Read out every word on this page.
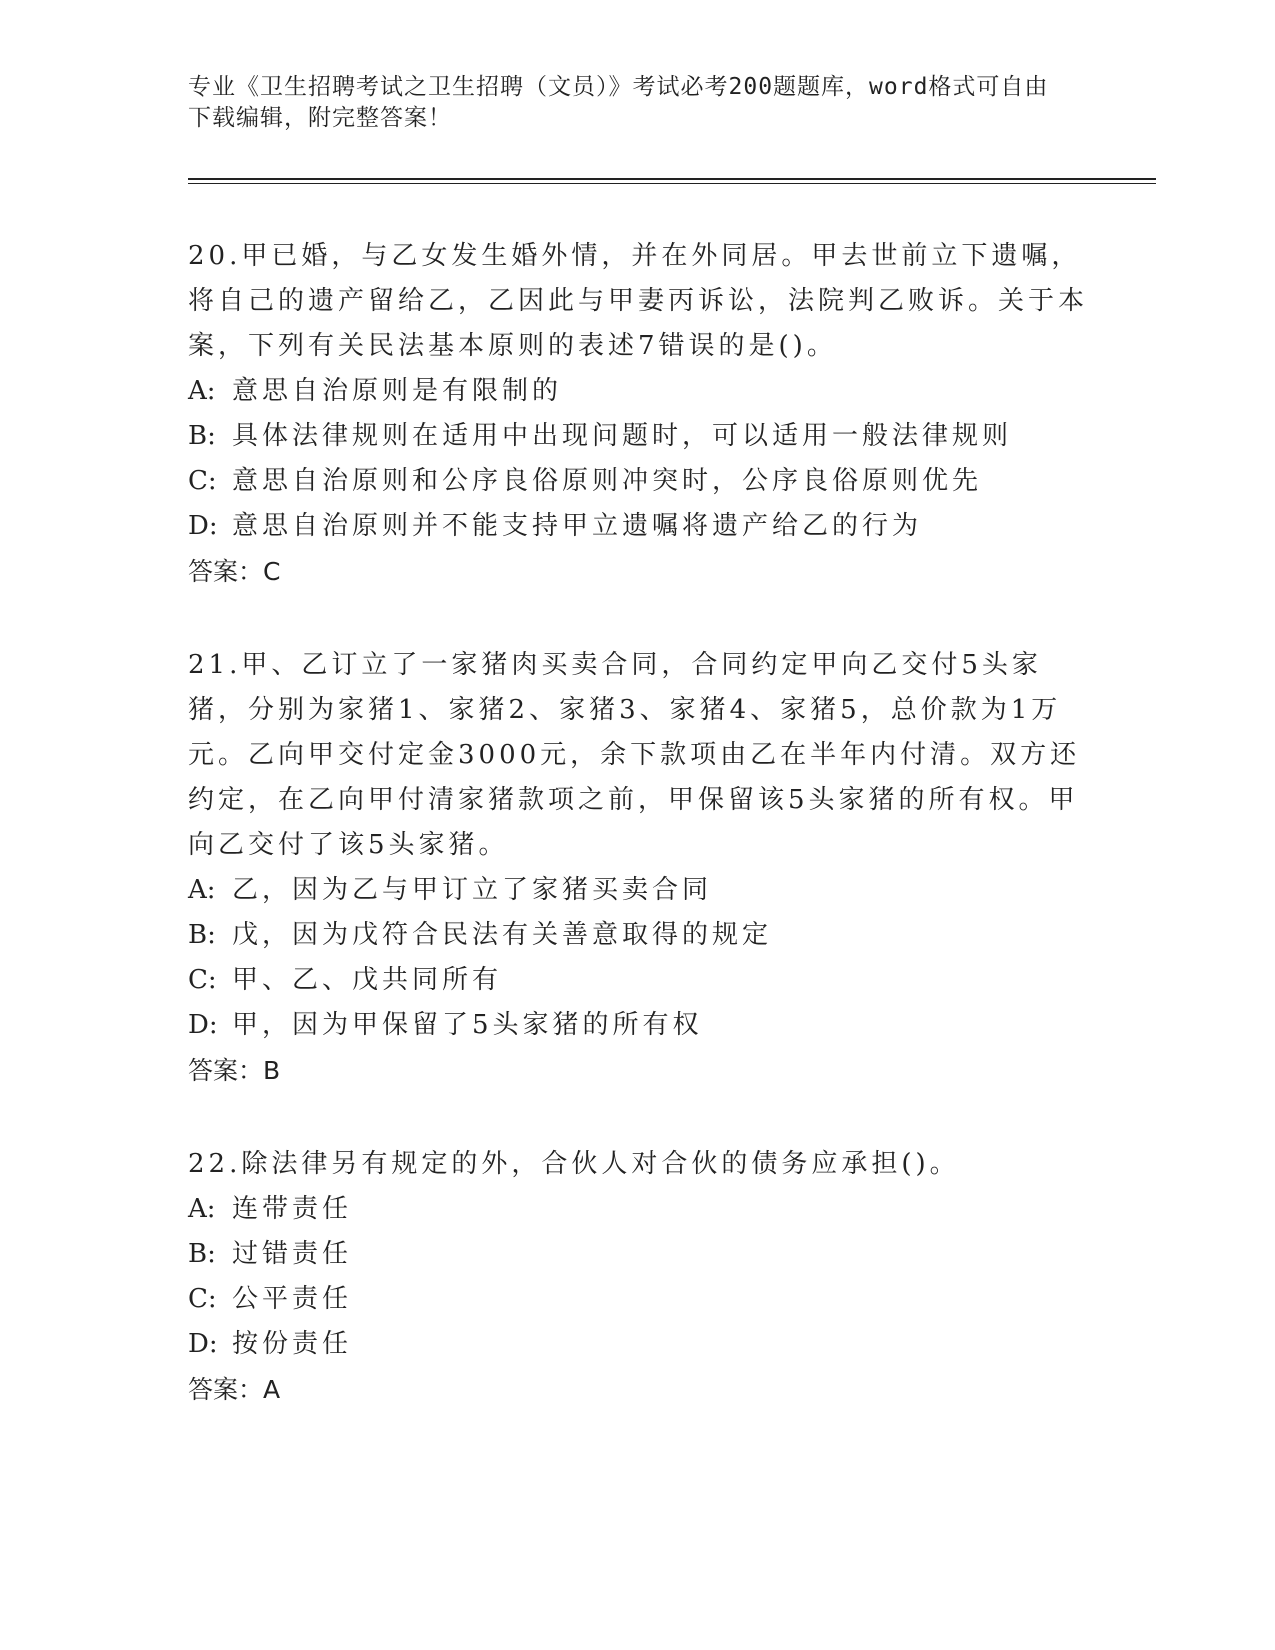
专业《卫生招聘考试之卫生招聘（文员）》考试必考200题题库，word格式可自由下载编辑，附完整答案！

20.甲已婚，与乙女发生婚外情，并在外同居。甲去世前立下遗嘱，将自己的遗产留给乙，乙因此与甲妻丙诉讼，法院判乙败诉。关于本案，下列有关民法基本原则的表述7错误的是()。

A: 意思自治原则是有限制的

B: 具体法律规则在适用中出现问题时，可以适用一般法律规则

C: 意思自治原则和公序良俗原则冲突时，公序良俗原则优先

D: 意思自治原则并不能支持甲立遗嘱将遗产给乙的行为

答案：C

21.甲、乙订立了一家猪肉买卖合同，合同约定甲向乙交付5头家猪，分别为家猪1、家猪2、家猪3、家猪4、家猪5，总价款为1万元。乙向甲交付定金3000元，余下款项由乙在半年内付清。双方还约定，在乙向甲付清家猪款项之前，甲保留该5头家猪的所有权。甲向乙交付了该5头家猪。

A: 乙，因为乙与甲订立了家猪买卖合同

B: 戊，因为戊符合民法有关善意取得的规定

C: 甲、乙、戊共同所有

D: 甲，因为甲保留了5头家猪的所有权

答案：B

22.除法律另有规定的外，合伙人对合伙的债务应承担()。

A: 连带责任

B: 过错责任

C: 公平责任

D: 按份责任

答案：A
